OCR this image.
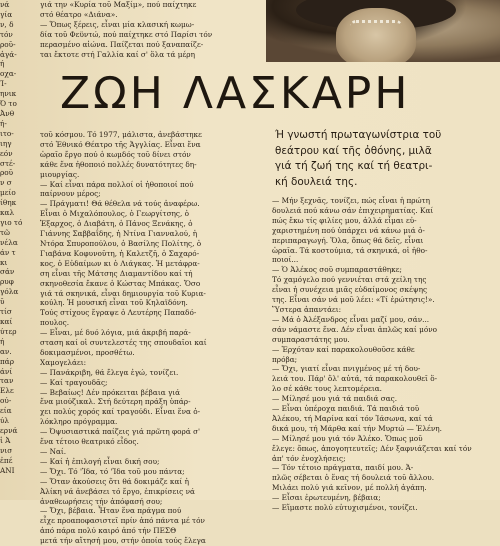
νά
γία
ν, δ
τόν
ροῦ-
ἀγά-
ή
οχα-
Ί-
ηνικ
Ό το
Ἀνθ
ή-
ιτο-
ιηγ
εόν
στέ-
ροῦ
ν σ
μείο
ίθηκ
καλ
γιο τό
τῶ
νέλα
άν τ
κι
σάν
ρυφ
γόλα
ῦ
τίσ
καί
ύτερ
ή
αν.
πάρ
άνί
ταν
Ελε
ού-
εία
ύλ
ερνά
ἱ Ἀ
νισ
ἐπέ
ΑΝΙ
γιά την «Κυρία τοῦ Μαξίμ», πού παίχτηκε
στό θέατρο «Διάνα».
— Ὅπως ξέρεις, εἶναι μία κλασική κωμω-
δία τοῦ Φεϋντώ, πού παίχτηκε στό Παρίσι τόν
περασμένο αἰώνα. Παίζεται πού ξαναπαίζε-
ται ἔκτοτε στή Γαλλία καί σ' ὅλα τά μέρη
ΖΩΗ ΛΑΣΚΑΡΗ
Ή γνωστή πρωταγωνίστρια τοῦ
θεάτρου καί τῆς ὀθόνης, μιλᾶ
γιά τή ζωή της καί τή θεατρι-
κή δουλειά της.
τοῦ κόσμου. Τό 1977, μάλιστα, ἀνεβάστηκε
στό Ἐθνικό Θέατρο τῆς Ἀγγλίας. Εἶναι ἔνα
ὡραῖο ἔργο πού ὁ κωμδός τοῦ δίνει στόν
κάθε ἕνα ἠθοποιό πολλές δυνατότητες δη-
μιουργίας.
— Καί εἶναι πάρα πολλοί οἱ ἠθοποιοί πού
παίρνουν μέρος;
— Πράγματι! Θά θέθελα νά τούς ἀναφέρω.
Εἶναι ὁ Μιχαλόπουλος, ὁ Γεωργίτσης, ὁ
Ἐξαρχος, ὁ Διαβάτη, ὁ Πάνος Ξενάκης, ὁ
Γιάννης Σαββαΐδης, ἡ Ντίνα Γιανναλού, ἡ
Ντόρα Σπυροπούλου, ὁ Βασίλης Πολίτης, ὁ
Γιαβάνα Κοφυνοῦτη, ἡ Καλετζῆ, ὁ Σαχαρό-
κος, ὁ Εὐδαίμων κι ὁ Λιάγκας. Ἡ μετάφρα-
ση εἶναι τῆς Μάτσης Διαμαντίδου καί τή
σκηνοθεσία ἔκανε ὁ Κώστας Μπάκας. Ὅσο
γιά τά σκηνικά, εἶναι δημιουργία τοῦ Κυρια-
κούλη. Ἡ μουσική εἶναι τοῦ Κηλαϊδόνη.
Τούς στίχους ἔγραψε ὁ Λευτέρης Παπαδό-
πουλος.
— Εἶναι, μέ δυό λόγια, μιά ἀκριβή παρά-
σταση καί οἱ συντελεστές της σπουδαῖοι καί
δοκιμασμένοι, προσθέτω.
Χαμογελάει:
— Πανάκριβη, θά ἔλεγα ἐγώ, τονίζει.
— Καί τραγουδᾶς;
— Βεβαίως! Δέν πρόκειται βέβαια γιά
ἕνα μιούζικαλ. Στή δεύτερη πράξη ὑπάρ-
χει πολύς χορός καί τραγούδι. Εἶναι ἕνα ὁ-
λόκληρο πρόγραμμα.
— Ὀψυσιαστικά παίζεις γιά πρῶτη φορά σ'
ἕνα τέτοιο θεατρικό εἶδος.
— Ναί.
— Καί ἡ ἐπιλογή εἶναι δική σου;
— Ὄχι. Τό 'Ἰδα, τό 'Ἰδα τοῦ μου πάντα;
— Ὅταν ἀκούσεις ὅτι θά δοκιμάζε καί ἡ
Ἀλίκη νά ἀνεβάσει τό ἔργο, ἐπικρίσεις νά
ἀναθεωρήσεις τήν ἀπόφασή σου;
— Ὄχι, βέβαια. Ἦταν ἕνα πράγμα πού
εἶχε προαποφασιστεῖ πρίν ἀπό πάντα μέ τόν
ἀπό πάρα πολύ καιρό ἀπό τήν ΠΕΣΘ
μετά τήν αἴτησή μου, στήν ὁποία τούς ἔλεγα
— Μήν ξεχνᾶς, τονίζει, πώς εἶναι ἡ πρώτη
δουλειά πού κάνω σάν ἐπιχειρηματίας. Καί
πώς ἔκω τίς φιλίες μου, ἀλλά εἶμαι εὐ-
χαριστημένη πού ὑπάρχει νά κάνω μιά ὁ-
περιπαραγωγή. Ὅλα, ὅπως θά δεῖς, εἶναι
ὡραῖα. Τά κοστούμια, τά σκηνικά, οἱ ἠθο-
ποιοί...
— Ὁ Ἀλέκος σοῦ συμπαραστάθηκε;
Τό χαμόγελο πού γεννιέται στά χείλη της
εἶναι ἡ συνέχεια μιᾶς εὐδαίμονος σκέψης
της. Εἶναι σάν νά μοῦ λέει: «Τί ἐρώτησις!».
Ὕστερα ἀπαντάει:
— Μά ὁ Ἀλέξανδρος εἶναι μαζί μου, σάν...
σάν νάμαστε ἕνα. Δέν εἶναι ἁπλῶς καί μόνο
συμπαραστάτης μου.
— Ἐρχόταν καί παρακολουθοῦσε κάθε
πρόβα;
— Ὄχι, γιατί εἶναι πνιγμένος μέ τή δου-
λειά του. Πάρ' ὅλ' αὐτά, τά παρακολουθεῖ ὅ-
λο σέ κάθε τους λεπτομέρεια.
— Μίλησέ μου γιά τά παιδιά σας.
— Εἶναι ὑπέροχα παιδιά. Τά παιδιά τοῦ
Ἀλέκου, τή Μαρίνα καί τόν Ἰάσωνα, καί τά
δικά μου, τή Μάρθα καί τήν Μυρτώ — Ἑλένη.
— Μίλησέ μου γιά τόν Ἀλέκο. Ὅπως μοῦ
ἔλεγε: ὄπως, ἀπογοητευτεῖς; Δέν ξαφνιάζεται καί τόν
ἀπ' τόν ἐνοχλήσεις;
— Τόν τέτοιο πράγματα, παιδί μου. Ἀ-
πλῶς σέβεται ὁ ἕνας τή δουλειά τοῦ ἄλλου.
Μιλάει πολύ γιά κεῖνον, μέ πολλή ἀγάπη.
— Εἶσαι ἐρωτευμένη, βέβαια;
— Εἴμαστε πολύ εὐτυχισμένοι, τονίζει.
